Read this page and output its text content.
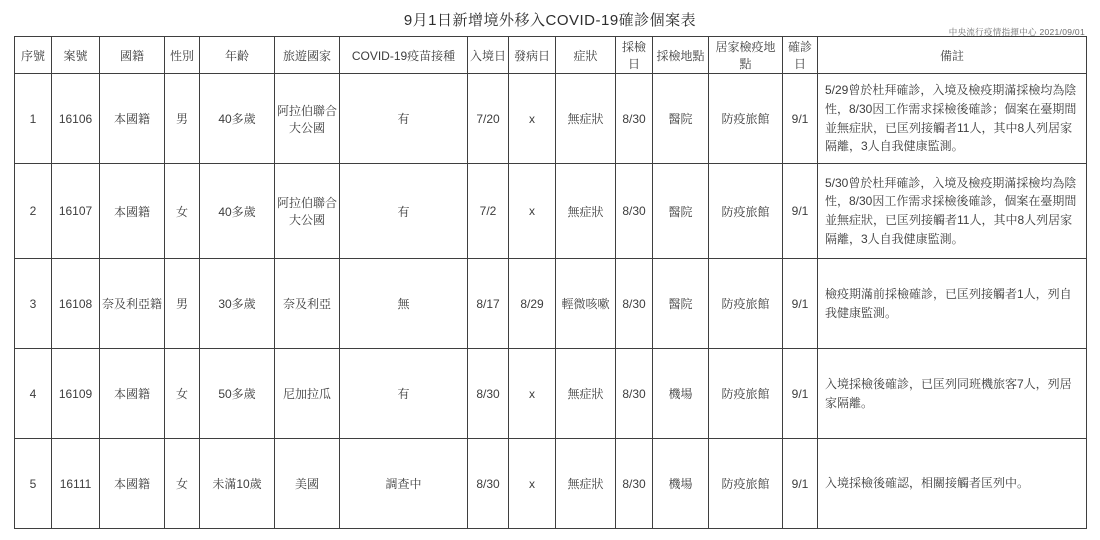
9月1日新增境外移入COVID-19確診個案表
中央流行疫情指揮中心 2021/09/01
序號	案號	國籍	性別	年齡	旅遊國家	COVID-19疫苗接種	入境日	發病日	症狀	採檢日	採檢地點	居家檢疫地點	確診日	備註
1	16106	本國籍	男	40多歲	阿拉伯聯合大公國	有	7/20	x	無症狀	8/30	醫院	防疫旅館	9/1	5/29曾於杜拜確診，入境及檢疫期滿採檢均為陰性，8/30因工作需求採檢後確診；個案在臺期間並無症狀，已匡列接觸者11人，其中8人列居家隔離，3人自我健康監測。
2	16107	本國籍	女	40多歲	阿拉伯聯合大公國	有	7/2	x	無症狀	8/30	醫院	防疫旅館	9/1	5/30曾於杜拜確診，入境及檢疫期滿採檢均為陰性，8/30因工作需求採檢後確診，個案在臺期間並無症狀，已匡列接觸者11人，其中8人列居家隔離，3人自我健康監測。
3	16108	奈及利亞籍	男	30多歲	奈及利亞	無	8/17	8/29	輕微咳嗽	8/30	醫院	防疫旅館	9/1	檢疫期滿前採檢確診，已匡列接觸者1人，列自我健康監測。
4	16109	本國籍	女	50多歲	尼加拉瓜	有	8/30	x	無症狀	8/30	機場	防疫旅館	9/1	入境採檢後確診，已匡列同班機旅客7人，列居家隔離。
5	16111	本國籍	女	未滿10歲	美國	調查中	8/30	x	無症狀	8/30	機場	防疫旅館	9/1	入境採檢後確認，相關接觸者匡列中。
